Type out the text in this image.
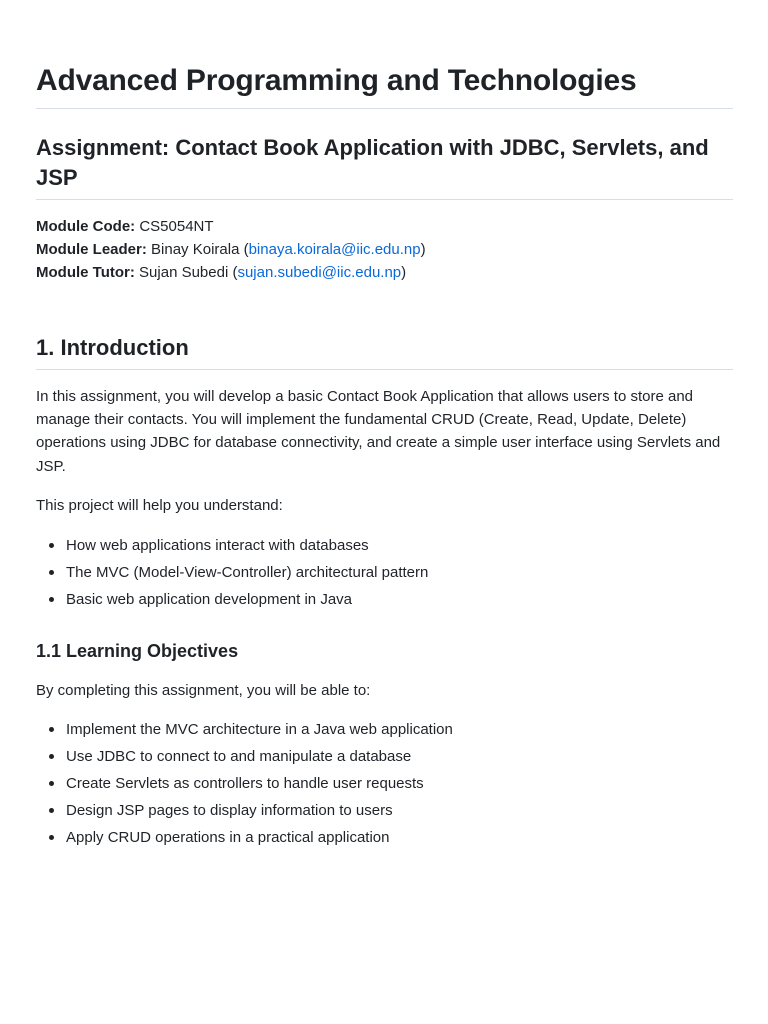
Advanced Programming and Technologies
Assignment: Contact Book Application with JDBC, Servlets, and JSP
Module Code: CS5054NT
Module Leader: Binay Koirala (binaya.koirala@iic.edu.np)
Module Tutor: Sujan Subedi (sujan.subedi@iic.edu.np)
1. Introduction

In this assignment, you will develop a basic Contact Book Application that allows users to store and manage their contacts. You will implement the fundamental CRUD (Create, Read, Update, Delete) operations using JDBC for database connectivity, and create a simple user interface using Servlets and JSP.

This project will help you understand:

How web applications interact with databases
The MVC (Model-View-Controller) architectural pattern
Basic web application development in Java
1.1 Learning Objectives

By completing this assignment, you will be able to:

Implement the MVC architecture in a Java web application
Use JDBC to connect to and manipulate a database
Create Servlets as controllers to handle user requests
Design JSP pages to display information to users
Apply CRUD operations in a practical application
